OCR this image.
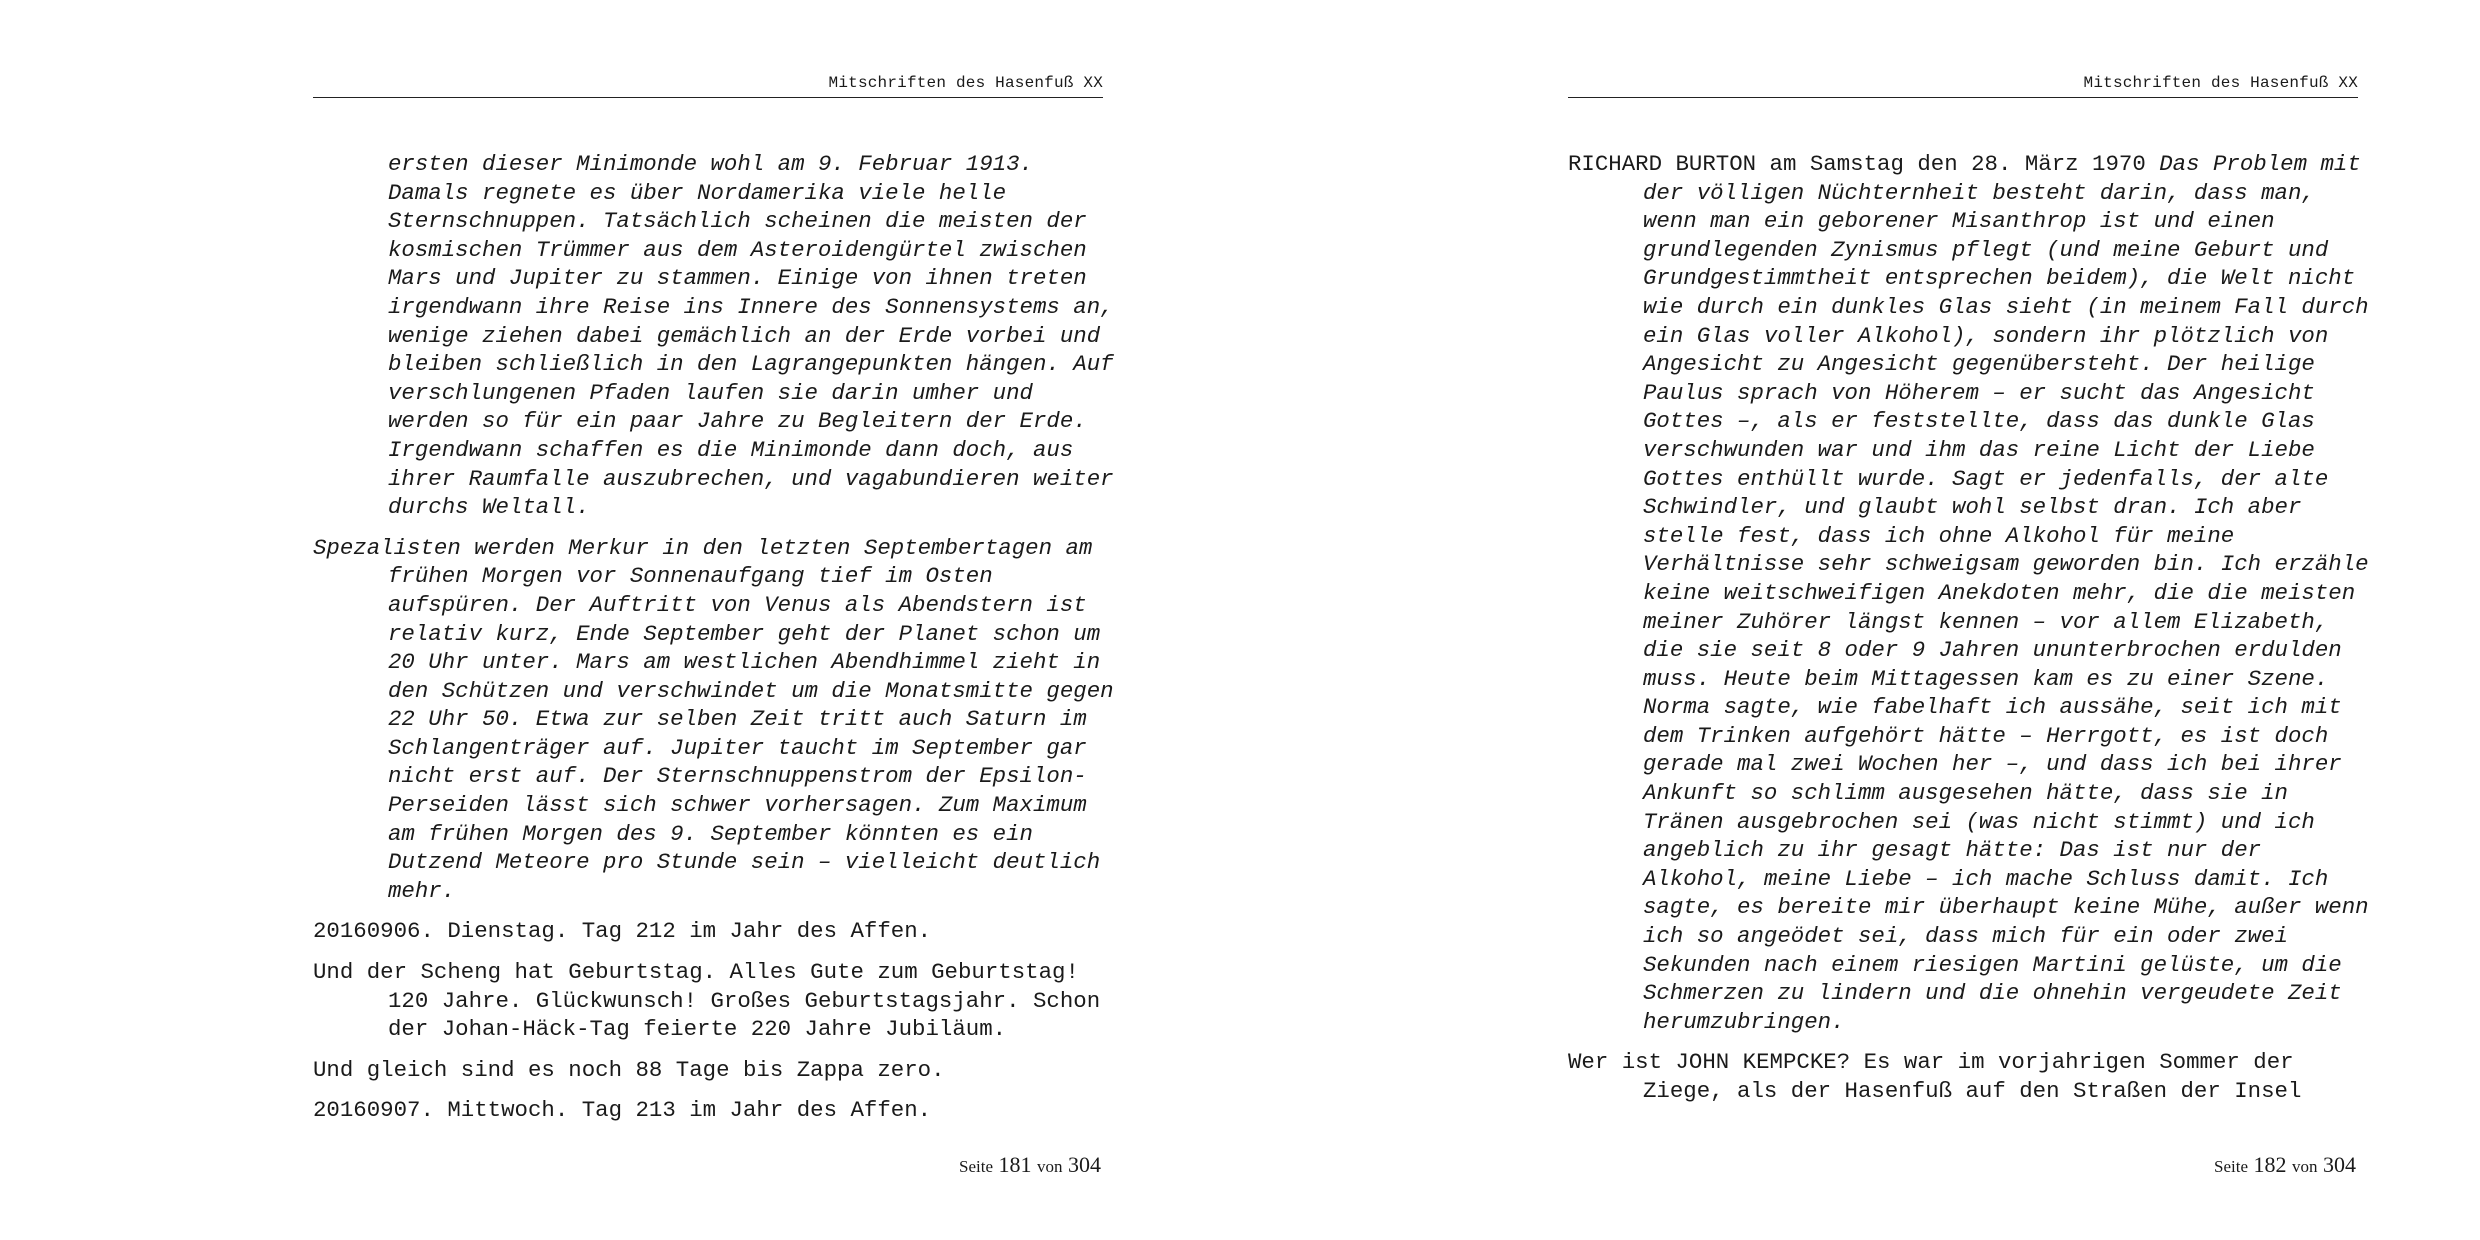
Mitschriften des Hasenfuß XX
ersten dieser Minimonde wohl am 9. Februar 1913.
Damals regnete es über Nordamerika viele helle
Sternschnuppen. Tatsächlich scheinen die meisten der
kosmischen Trümmer aus dem Asteroidengürtel zwischen
Mars und Jupiter zu stammen. Einige von ihnen treten
irgendwann ihre Reise ins Innere des Sonnensystems an,
wenige ziehen dabei gemächlich an der Erde vorbei und
bleiben schließlich in den Lagrangepunkten hängen. Auf
verschlungenen Pfaden laufen sie darin umher und
werden so für ein paar Jahre zu Begleitern der Erde.
Irgendwann schaffen es die Minimonde dann doch, aus
ihrer Raumfalle auszubrechen, und vagabundieren weiter
durchs Weltall.
Spezalisten werden Merkur in den letzten Septembertagen am
frühen Morgen vor Sonnenaufgang tief im Osten
aufspüren. Der Auftritt von Venus als Abendstern ist
relativ kurz, Ende September geht der Planet schon um
20 Uhr unter. Mars am westlichen Abendhimmel zieht in
den Schützen und verschwindet um die Monatsmitte gegen
22 Uhr 50. Etwa zur selben Zeit tritt auch Saturn im
Schlangenträger auf. Jupiter taucht im September gar
nicht erst auf. Der Sternschnuppenstrom der Epsilon-
Perseiden lässt sich schwer vorhersagen. Zum Maximum
am frühen Morgen des 9. September könnten es ein
Dutzend Meteore pro Stunde sein – vielleicht deutlich
mehr.
20160906. Dienstag. Tag 212 im Jahr des Affen.
Und der Scheng hat Geburtstag. Alles Gute zum Geburtstag!
120 Jahre. Glückwunsch! Großes Geburtstagsjahr. Schon
der Johan-Häck-Tag feierte 220 Jahre Jubiläum.
Und gleich sind es noch 88 Tage bis Zappa zero.
20160907. Mittwoch. Tag 213 im Jahr des Affen.
Seite 181 von 304
Mitschriften des Hasenfuß XX
RICHARD BURTON am Samstag den 28. März 1970 Das Problem mit
der völligen Nüchternheit besteht darin, dass man,
wenn man ein geborener Misanthrop ist und einen
grundlegenden Zynismus pflegt (und meine Geburt und
Grundgestimmtheit entsprechen beidem), die Welt nicht
wie durch ein dunkles Glas sieht (in meinem Fall durch
ein Glas voller Alkohol), sondern ihr plötzlich von
Angesicht zu Angesicht gegenübersteht. Der heilige
Paulus sprach von Höherem – er sucht das Angesicht
Gottes –, als er feststellte, dass das dunkle Glas
verschwunden war und ihm das reine Licht der Liebe
Gottes enthüllt wurde. Sagt er jedenfalls, der alte
Schwindler, und glaubt wohl selbst dran. Ich aber
stelle fest, dass ich ohne Alkohol für meine
Verhältnisse sehr schweigsam geworden bin. Ich erzähle
keine weitschweifigen Anekdoten mehr, die die meisten
meiner Zuhörer längst kennen – vor allem Elizabeth,
die sie seit 8 oder 9 Jahren ununterbrochen erdulden
muss. Heute beim Mittagessen kam es zu einer Szene.
Norma sagte, wie fabelhaft ich aussähe, seit ich mit
dem Trinken aufgehört hätte – Herrgott, es ist doch
gerade mal zwei Wochen her –, und dass ich bei ihrer
Ankunft so schlimm ausgesehen hätte, dass sie in
Tränen ausgebrochen sei (was nicht stimmt) und ich
angeblich zu ihr gesagt hätte: Das ist nur der
Alkohol, meine Liebe – ich mache Schluss damit. Ich
sagte, es bereite mir überhaupt keine Mühe, außer wenn
ich so angeödet sei, dass mich für ein oder zwei
Sekunden nach einem riesigen Martini gelüste, um die
Schmerzen zu lindern und die ohnehin vergeudete Zeit
herumzubringen.
Wer ist JOHN KEMPCKE? Es war im vorjahrigen Sommer der
Ziege, als der Hasenfuß auf den Straßen der Insel
Seite 182 von 304
